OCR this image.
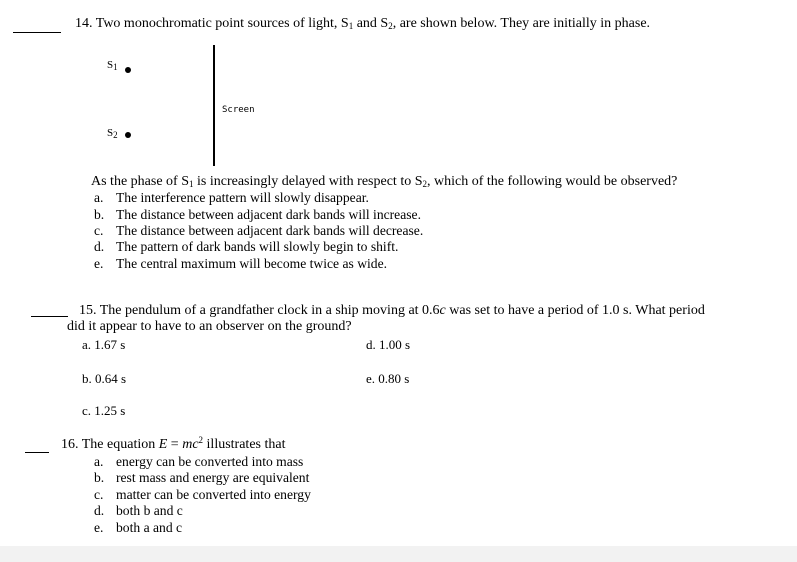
14. Two monochromatic point sources of light, $S_1$ and $S_2$, are shown below. They are initially in phase.
$S_1$
Screen
$S_2$
As the phase of $S_1$ is increasingly delayed with respect to $S_2$, which of the following would be observed?
a. The interference pattern will slowly disappear.
b. The distance between adjacent dark bands will increase.
c. The distance between adjacent dark bands will decrease.
d. The pattern of dark bands will slowly begin to shift.
e. The central maximum will become twice as wide.
15. The pendulum of a grandfather clock in a ship moving at 0.6c was set to have a period of 1.0 s. What period
did it appear to have to an observer on the ground?
a. 1.67 s	d. 1.00 s
b. 0.64 s	e. 0.80 s
c. 1.25 s
16. The equation $E = mc^2$ illustrates that
a. energy can be converted into mass
b. rest mass and energy are equivalent
c. matter can be converted into energy
d. both b and c
e. both a and c
